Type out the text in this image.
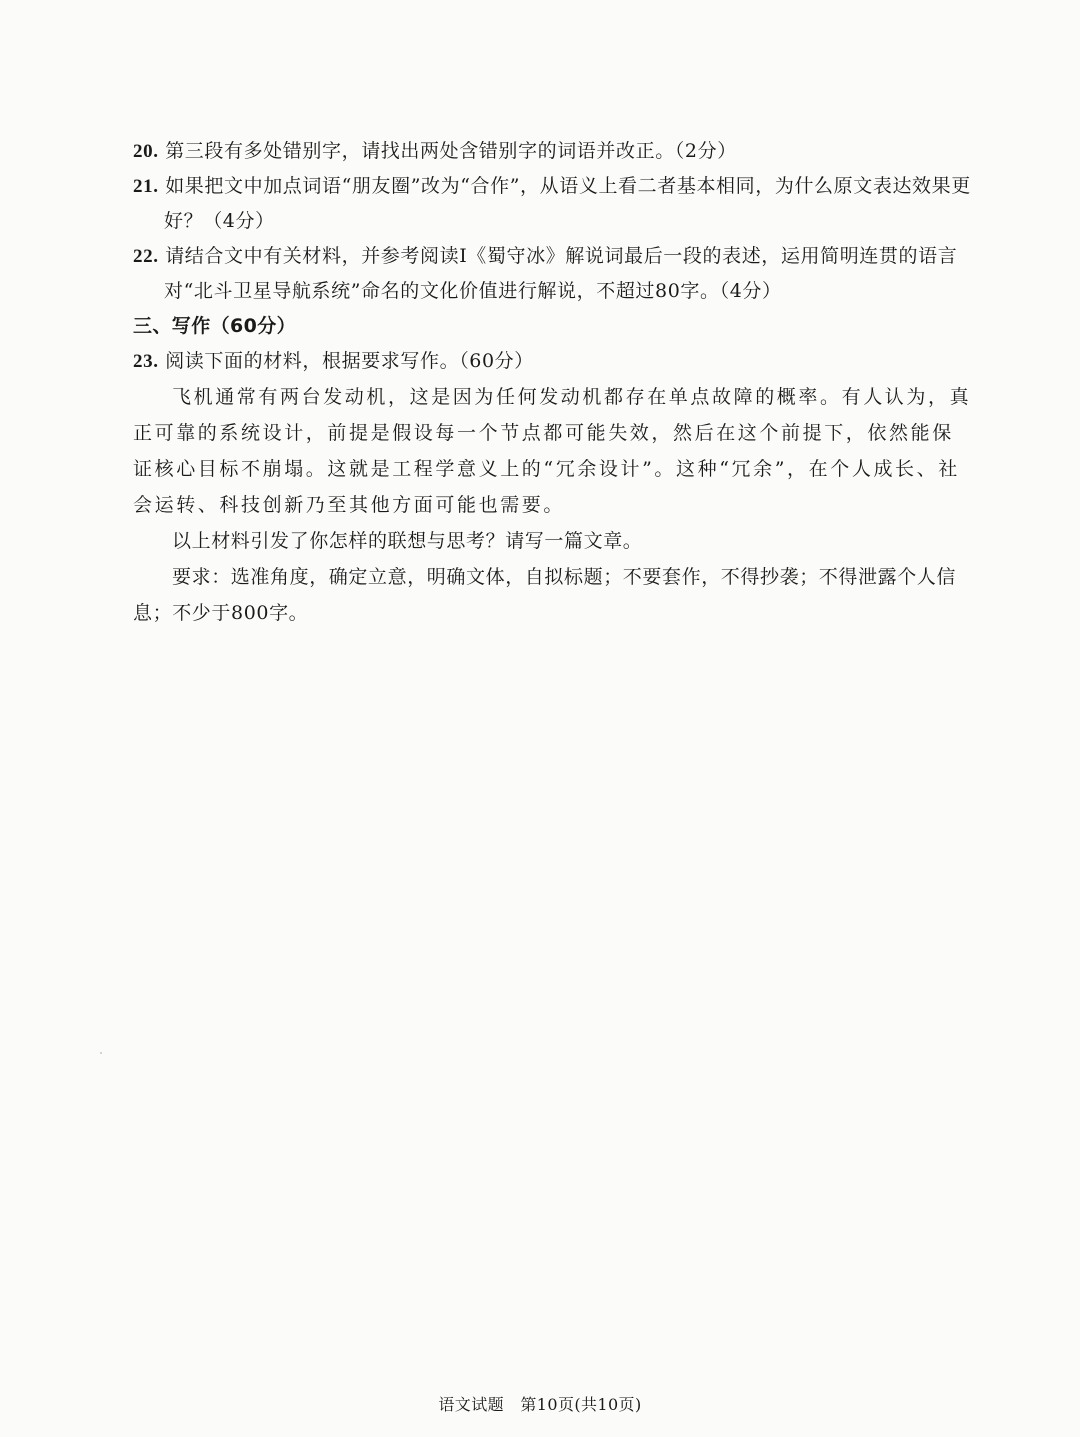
20. 第三段有多处错别字，请找出两处含错别字的词语并改正。（2分）

21. 如果把文中加点词语“朋友圈”改为“合作”，从语义上看二者基本相同，为什么原文表达效果更好？（4分）

22. 请结合文中有关材料，并参考阅读Ⅰ《蜀守冰》解说词最后一段的表述，运用简明连贯的语言对“北斗卫星导航系统”命名的文化价值进行解说，不超过80字。（4分）

三、写作（60分）

23. 阅读下面的材料，根据要求写作。（60分）

飞机通常有两台发动机，这是因为任何发动机都存在单点故障的概率。有人认为，真正可靠的系统设计，前提是假设每一个节点都可能失效，然后在这个前提下，依然能保证核心目标不崩塌。这就是工程学意义上的“冗余设计”。这种“冗余”，在个人成长、社会运转、科技创新乃至其他方面可能也需要。

以上材料引发了你怎样的联想与思考？请写一篇文章。

要求：选准角度，确定立意，明确文体，自拟标题；不要套作，不得抄袭；不得泄露个人信息；不少于800字。

语文试题　第10页(共10页)
